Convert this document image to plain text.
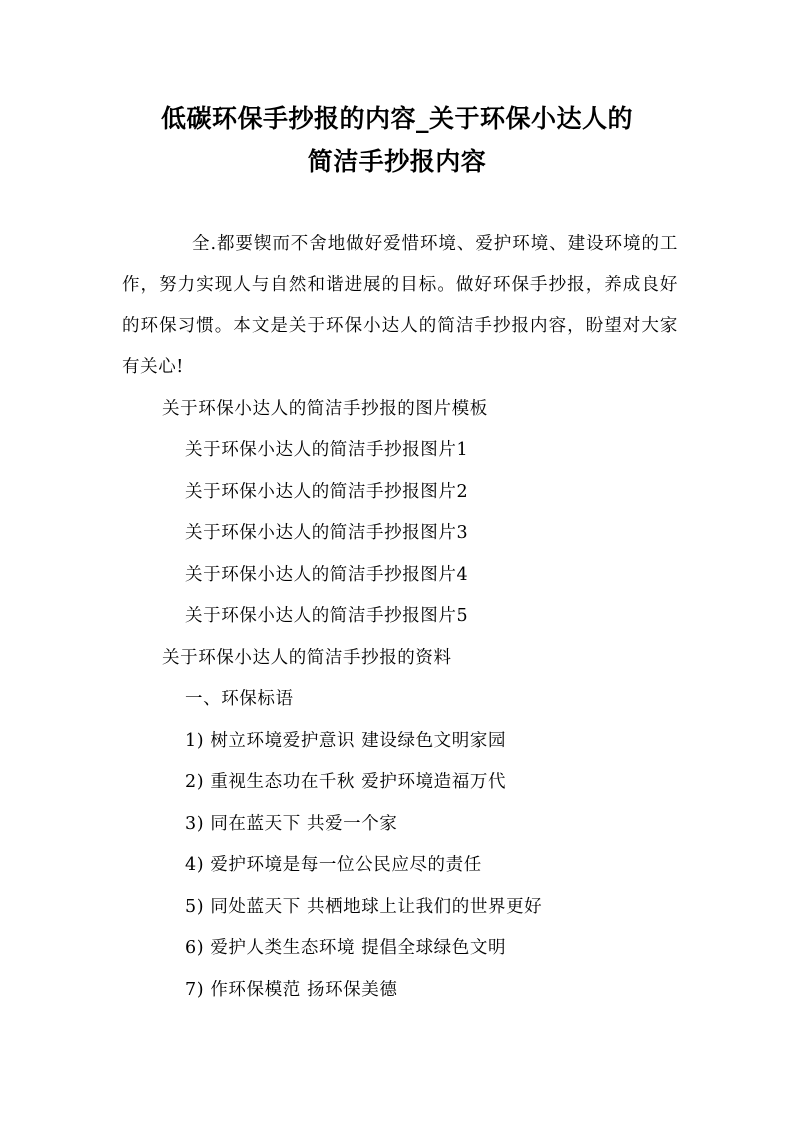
低碳环保手抄报的内容_关于环保小达人的
简洁手抄报内容

全.都要锲而不舍地做好爱惜环境、爱护环境、建设环境的工作，努力实现人与自然和谐进展的目标。做好环保手抄报，养成良好的环保习惯。本文是关于环保小达人的简洁手抄报内容，盼望对大家有关心!

关于环保小达人的简洁手抄报的图片模板
关于环保小达人的简洁手抄报图片1
关于环保小达人的简洁手抄报图片2
关于环保小达人的简洁手抄报图片3
关于环保小达人的简洁手抄报图片4
关于环保小达人的简洁手抄报图片5
关于环保小达人的简洁手抄报的资料
一、环保标语
1) 树立环境爱护意识 建设绿色文明家园
2) 重视生态功在千秋 爱护环境造福万代
3) 同在蓝天下 共爱一个家
4) 爱护环境是每一位公民应尽的责任
5) 同处蓝天下 共栖地球上让我们的世界更好
6) 爱护人类生态环境 提倡全球绿色文明
7) 作环保模范 扬环保美德
